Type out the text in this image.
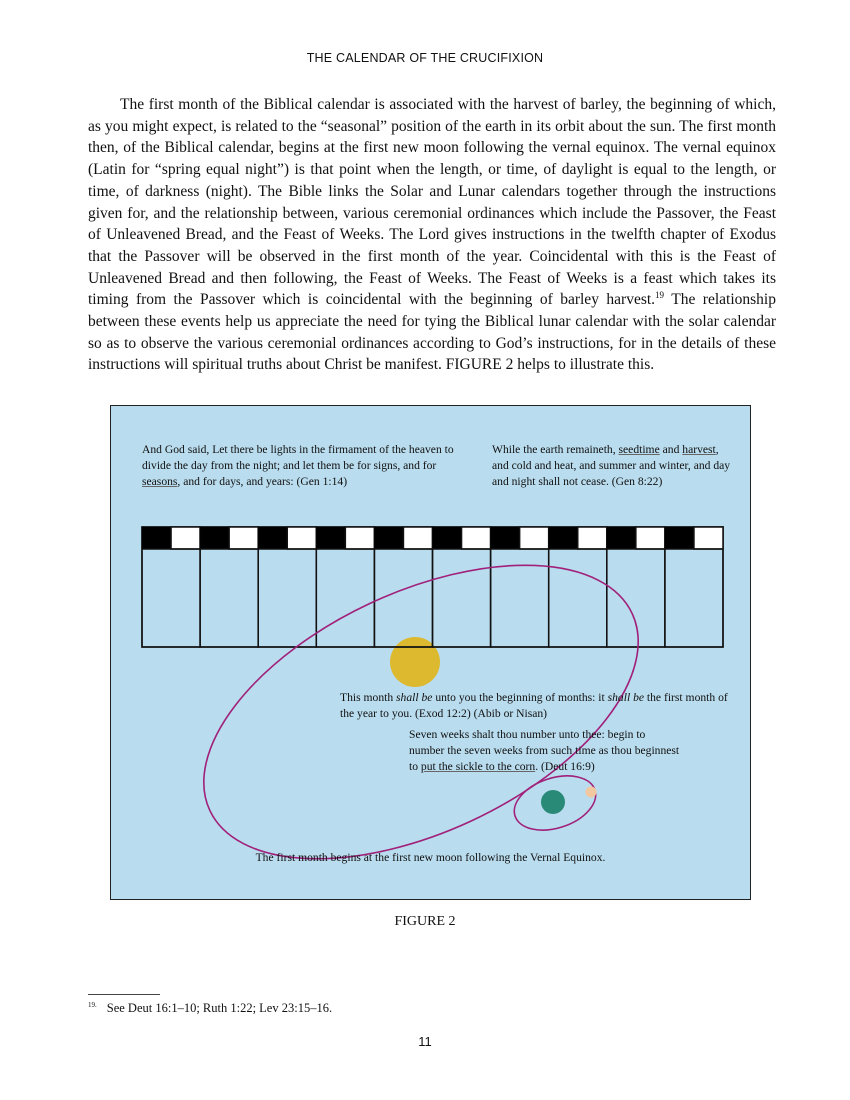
THE CALENDAR OF THE CRUCIFIXION

The first month of the Biblical calendar is associated with the harvest of barley, the beginning of which, as you might expect, is related to the “seasonal” position of the earth in its orbit about the sun. The first month then, of the Biblical calendar, begins at the first new moon following the vernal equinox. The vernal equinox (Latin for “spring equal night”) is that point when the length, or time, of daylight is equal to the length, or time, of darkness (night). The Bible links the Solar and Lunar calendars together through the instructions given for, and the relationship between, various ceremonial ordinances which include the Passover, the Feast of Unleavened Bread, and the Feast of Weeks. The Lord gives instructions in the twelfth chapter of Exodus that the Passover will be observed in the first month of the year. Coincidental with this is the Feast of Unleavened Bread and then following, the Feast of Weeks. The Feast of Weeks is a feast which takes its timing from the Passover which is coincidental with the beginning of barley harvest.$^{19}$ The relationship between these events help us appreciate the need for tying the Biblical lunar calendar with the solar calendar so as to observe the various ceremonial ordinances according to God’s instructions, for in the details of these instructions will spiritual truths about Christ be manifest. FIGURE 2 helps to illustrate this.

And God said, Let there be lights in the firmament of the heaven to divide the day from the night; and let them be for signs, and for seasons, and for days, and years: (Gen 1:14)

While the earth remaineth, seedtime and harvest, and cold and heat, and summer and winter, and day and night shall not cease. (Gen 8:22)

This month shall be unto you the beginning of months: it shall be the first month of the year to you. (Exod 12:2) (Abib or Nisan)

Seven weeks shalt thou number unto thee: begin to number the seven weeks from such time as thou beginnest to put the sickle to the corn. (Deut 16:9)

The first month begins at the first new moon following the Vernal Equinox.

FIGURE 2
$^{19.}$ See Deut 16:1–10; Ruth 1:22; Lev 23:15–16.
11
